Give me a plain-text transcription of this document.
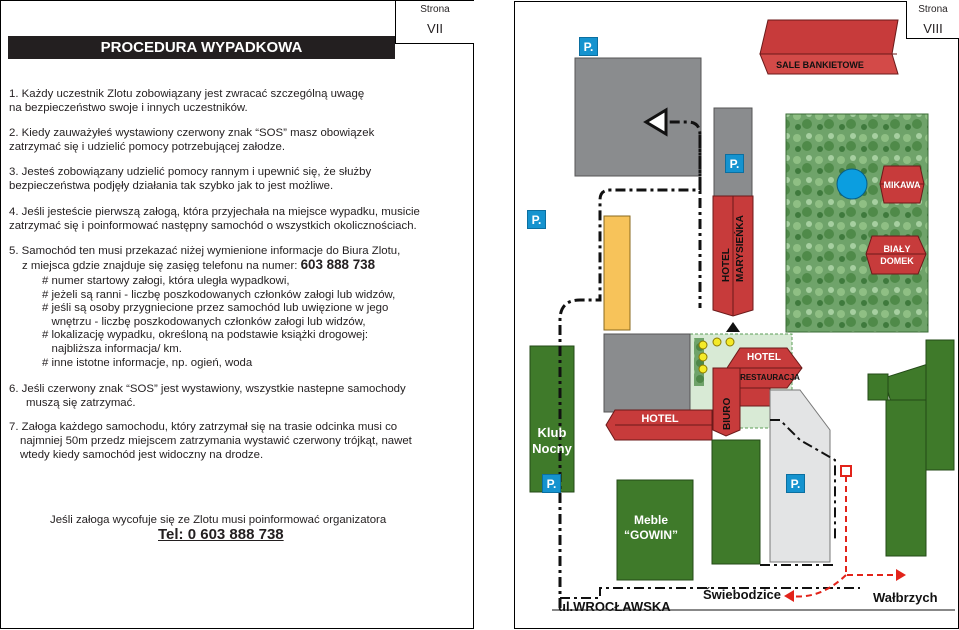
PROCEDURA WYPADKOWA
Strona
VII
1. Każdy uczestnik Zlotu zobowiązany jest zwracać szczególną uwagę
na bezpieczeństwo swoje i innych uczestników.
2. Kiedy zauważyłeś wystawiony czerwony znak “SOS” masz obowiązek
zatrzymać się i udzielić pomocy potrzebującej załodze.
3. Jesteś zobowiązany udzielić pomocy rannym i upewnić się, że służby
bezpieczeństwa podjęły działania tak szybko jak to jest możliwe.
4. Jeśli jesteście pierwszą załogą, która przyjechała na miejsce wypadku, musicie
zatrzymać się i poinformować następny samochód o wszystkich okolicznościach.
5. Samochód ten musi przekazać niżej wymienione informacje do Biura Zlotu,
z miejsca gdzie znajduje się zasięg telefonu na numer: 603 888 738
# numer startowy załogi, która uległa wypadkowi,
# jeżeli są ranni - liczbę poszkodowanych członków załogi lub widzów,
# jeśli są osoby przygniecione przez samochód lub uwięzione w jego
wnętrzu - liczbę poszkodowanych członków załogi lub widzów,
# lokalizację wypadku, określoną na podstawie książki drogowej:
najbliższa informacja/ km.
# inne istotne informacje, np. ogień, woda
6. Jeśli czerwony znak “SOS” jest wystawiony, wszystkie nastepne samochody
muszą się zatrzymać.
7. Załoga każdego samochodu, który zatrzymał się na trasie odcinka musi co
najmniej 50m przedz miejscem zatrzymania wystawić czerwony trójkąt, nawet
wtedy kiedy samochód jest widoczny na drodze.
Jeśli załoga wycofuje się ze Zlotu musi poinformować organizatora
Tel: 0 603 888 738
Strona
VIII
SALE BANKIETOWE
MIKAWA
BIAŁY
DOMEK
HOTEL MARYSIEŃKA
HOTEL
RESTAURACJA
BIURO
HOTEL
Klub
Nocny
Meble
“GOWIN”
ul.WROCŁAWSKA
Świebodzice	Wałbrzych
P.
P.
P.
P.	P.
